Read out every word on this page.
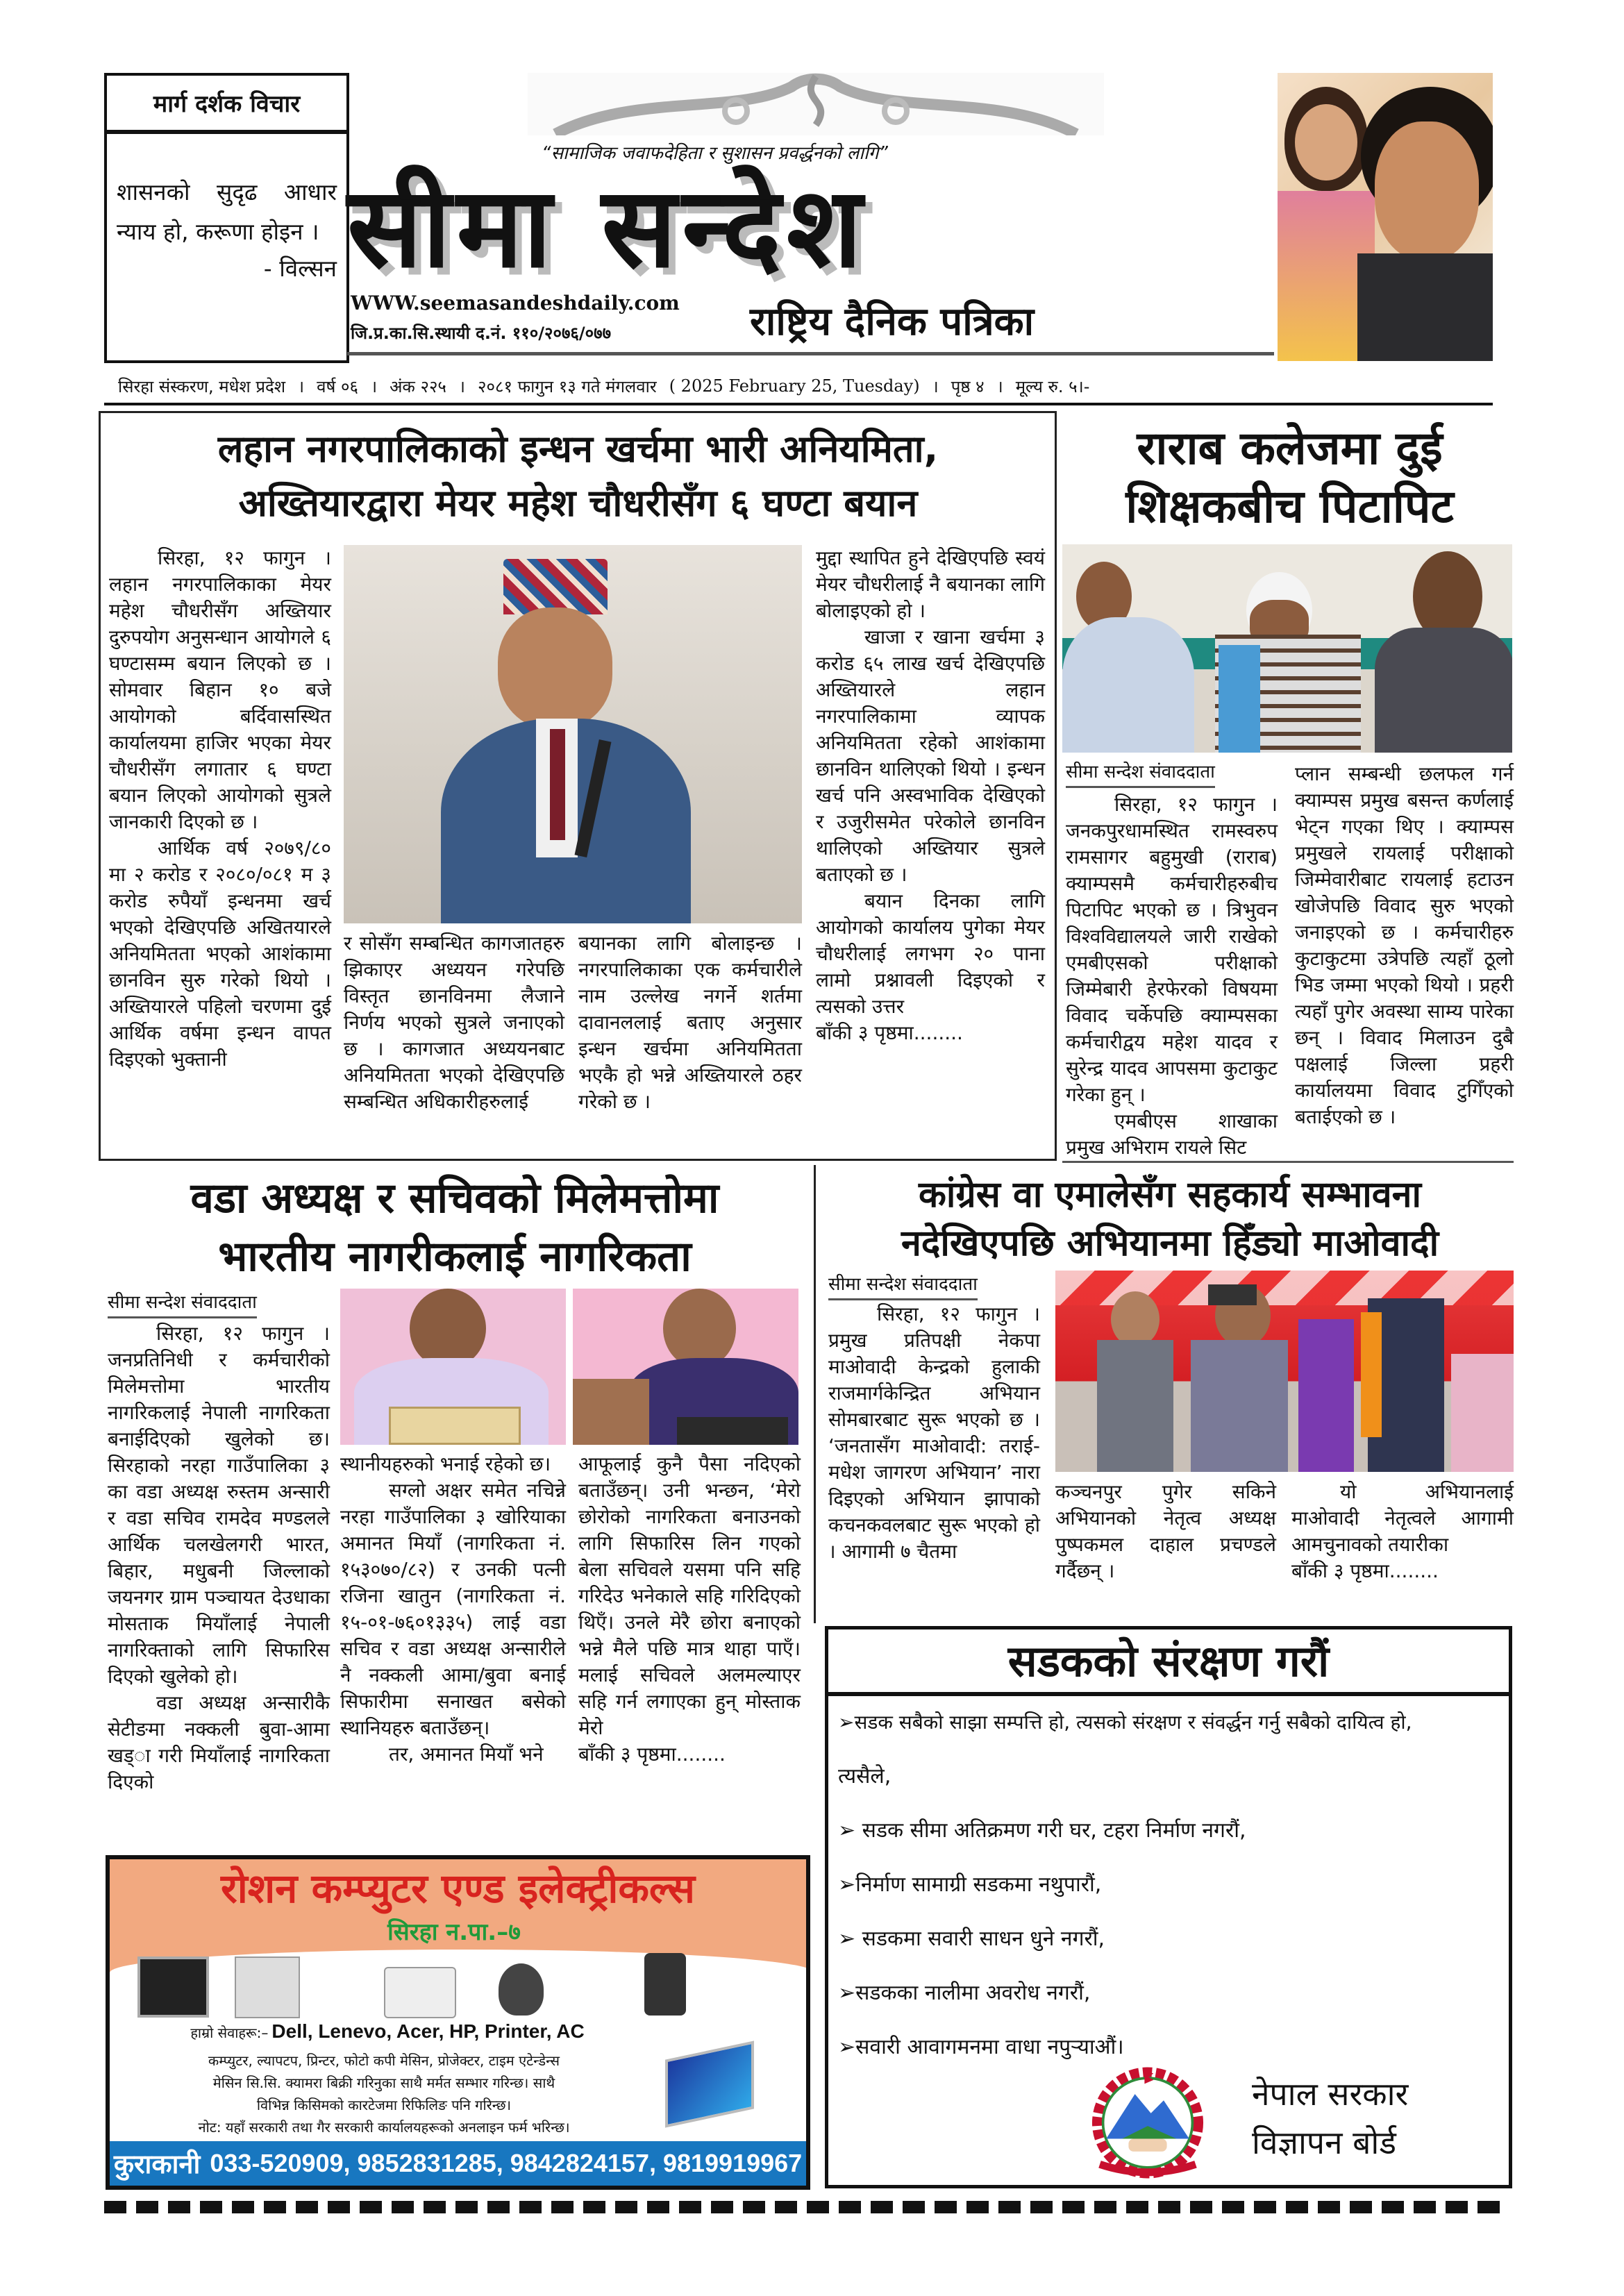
मार्ग दर्शक विचार
शासनको सुदृढ आधार न्याय हो, करूणा होइन ।
- विल्सन
“सामाजिक जवाफदेहिता र सुशासन प्रवर्द्धनको लागि”
सीमा सन्देश
WWW.seemasandeshdaily.com
जि.प्र.का.सि.स्थायी द.नं. ११०/२०७६/०७७	राष्ट्रिय दैनिक पत्रिका
सिरहा संस्करण, मधेश प्रदेश । वर्ष ०६ । अंक २२५ । २०८१ फागुन १३ गते मंगलवार ( 2025 February 25, Tuesday) । पृष्ठ ४ । मूल्य रु. ५।-
लहान नगरपालिकाको इन्धन खर्चमा भारी अनियमिता,
अख्तियारद्वारा मेयर महेश चौधरीसँग ६ घण्टा बयान

सिरहा, १२ फागुन । लहान नगरपालिकाका मेयर महेश चौधरीसँग अख्तियार दुरुपयोग अनुसन्धान आयोगले ६ घण्टासम्म बयान लिएको छ । सोमवार बिहान १० बजे आयोगको बर्दिवासस्थित कार्यालयमा हाजिर भएका मेयर चौधरीसँग लगातार ६ घण्टा बयान लिएको आयोगको सुत्रले जानकारी दिएको छ ।

आर्थिक वर्ष २०७९/८० मा २ करोड र २०८०/०८१ म ३ करोड रुपैयाँ इन्धनमा खर्च भएको देखिएपछि अखितयारले अनियमितता भएको आशंकामा छानविन सुरु गरेको थियो । अख्तियारले पहिलो चरणमा दुई आर्थिक वर्षमा इन्धन वापत दिइएको भुक्तानी

र सोसँग सम्बन्धित कागजातहरु झिकाएर अध्ययन गरेपछि विस्तृत छानविनमा लैजाने निर्णय भएको सुत्रले जनाएको छ । कागजात अध्ययनबाट अनियमितता भएको देखिएपछि सम्बन्धित अधिकारीहरुलाई

बयानका लागि बोलाइन्छ । नगरपालिकाका एक कर्मचारीले नाम उल्लेख नगर्ने शर्तमा दावानललाई बताए अनुसार इन्धन खर्चमा अनियमितता भएकै हो भन्ने अख्तियारले ठहर गरेको छ ।

मुद्दा स्थापित हुने देखिएपछि स्वयं मेयर चौधरीलाई नै बयानका लागि बोलाइएको हो ।

खाजा र खाना खर्चमा ३ करोड ६५ लाख खर्च देखिएपछि अख्तियारले लहान नगरपालिकामा व्यापक अनियमितता रहेको आशंकामा छानविन थालिएको थियो । इन्धन खर्च पनि अस्वभाविक देखिएको र उजुरीसमेत परेकोले छानविन थालिएको अख्तियार सुत्रले बताएको छ ।

बयान दिनका लागि आयोगको कार्यालय पुगेका मेयर चौधरीलाई लगभग २० पाना लामो प्रश्नावली दिइएको र त्यसको उत्तर

बाँकी ३ पृष्ठमा........

राराब कलेजमा दुई
शिक्षकबीच पिटापिट
सीमा सन्देश संवाददाता

सिरहा, १२ फागुन । जनकपुरधामस्थित रामस्वरुप रामसागर बहुमुखी (राराब) क्याम्पसमै कर्मचारीहरुबीच पिटापिट भएको छ । त्रिभुवन विश्वविद्यालयले जारी राखेको एमबीएसको परीक्षाको जिम्मेबारी हेरफेरको विषयमा विवाद चर्केपछि क्याम्पसका कर्मचारीद्वय महेश यादव र सुरेन्द्र यादव आपसमा कुटाकुट गरेका हुन् ।

एमबीएस शाखाका प्रमुख अभिराम रायले सिट

प्लान सम्बन्धी छलफल गर्न क्याम्पस प्रमुख बसन्त कर्णलाई भेट्न गएका थिए । क्याम्पस प्रमुखले रायलाई परीक्षाको जिम्मेवारीबाट रायलाई हटाउन खोजेपछि विवाद सुरु भएको जनाइएको छ । कर्मचारीहरु कुटाकुटमा उत्रेपछि त्यहाँ ठूलो भिड जम्मा भएको थियो । प्रहरी त्यहाँ पुगेर अवस्था साम्य पारेका छन् । विवाद मिलाउन दुबै पक्षलाई जिल्ला प्रहरी कार्यालयमा विवाद टुगिँएको बताईएको छ ।

वडा अध्यक्ष र सचिवको मिलेमत्तोमा
भारतीय नागरीकलाई नागरिकता
सीमा सन्देश संवाददाता

सिरहा, १२ फागुन । जनप्रतिनिधी र कर्मचारीको मिलेमत्तोमा भारतीय नागरिकलाई नेपाली नागरिकता बनाईदिएको खुलेको छ। सिरहाको नरहा गाउँपालिका ३ का वडा अध्यक्ष रुस्तम अन्सारी र वडा सचिव रामदेव मण्डलले आर्थिक चलखेलगरी भारत, बिहार, मधुबनी जिल्लाको जयनगर ग्राम पञ्चायत देउधाका मोसताक मियाँलाई नेपाली नागरिक्ताको लागि सिफारिस दिएको खुलेको हो।

वडा अध्यक्ष अन्सारीकै सेटीङमा नक्कली बुवा-आमा खड्ा गरी मियाँलाई नागरिकता दिएको

स्थानीयहरुको भनाई रहेको छ।

सग्लो अक्षर समेत नचिन्ने नरहा गाउँपालिका ३ खोरियाका अमानत मियाँ (नागरिकता नं. १५३०७०/८२) र उनकी पत्नी रजिना खातुन (नागरिकता नं. १५-०१-७६०१३३५) लाई वडा सचिव र वडा अध्यक्ष अन्सारीले नै नक्कली आमा/बुवा बनाई सिफारीमा सनाखत बसेको स्थानियहरु बताउँछन्।

तर, अमानत मियाँ भने

आफूलाई कुनै पैसा नदिएको बताउँछन्। उनी भन्छन, ‘मेरो छोरोको नागरिकता बनाउनको लागि सिफारिस लिन गएको बेला सचिवले यसमा पनि सहि गरिदेउ भनेकाले सहि गरिदिएको थिएँ। उनले मेरै छोरा बनाएको भन्ने मैले पछि मात्र थाहा पाएँ। मलाई सचिवले अलमल्याएर सहि गर्न लगाएका हुन् मोस्ताक मेरो

बाँकी ३ पृष्ठमा........

कांग्रेस वा एमालेसँग सहकार्य सम्भावना
नदेखिएपछि अभियानमा हिँड्यो माओवादी
सीमा सन्देश संवाददाता

सिरहा, १२ फागुन । प्रमुख प्रतिपक्षी नेकपा माओवादी केन्द्रको हुलाकी राजमार्गकेन्द्रित अभियान सोमबारबाट सुरू भएको छ । ‘जनतासँग माओवादी: तराई-मधेश जागरण अभियान’ नारा दिइएको अभियान झापाको कचनकवलबाट सुरू भएको हो । आगामी ७ चैतमा

कञ्चनपुर पुगेर सकिने अभियानको नेतृत्व अध्यक्ष पुष्पकमल दाहाल प्रचण्डले गर्दैछन् ।

यो अभियानलाई माओवादी नेतृत्वले आगामी आमचुनावको तयारीका

बाँकी ३ पृष्ठमा........

सडकको संरक्षण गरौं
➢सडक सबैको साझा सम्पत्ति हो, त्यसको संरक्षण र संवर्द्धन गर्नु सबैको दायित्व हो,
त्यसैले,
➢ सडक सीमा अतिक्रमण गरी घर, टहरा निर्माण नगरौं,
➢निर्माण सामाग्री सडकमा नथुपारौं,
➢ सडकमा सवारी साधन धुने नगरौं,
➢सडकका नालीमा अवरोध नगरौं,
➢सवारी आवागमनमा वाधा नपुऱ्याऔं।
नेपाल सरकार
विज्ञापन बोर्ड
रोशन कम्प्युटर एण्ड इलेक्ट्रीकल्स
सिरहा न.पा.–७
हाम्रो सेवाहरू:– Dell, Lenevo, Acer, HP, Printer, AC
कम्प्युटर, ल्यापटप, प्रिन्टर, फोटो कपी मेसिन, प्रोजेक्टर, टाइम एटेन्डेन्स
मेसिन सि.सि. क्यामरा बिक्री गरिनुका साथै मर्मत सम्भार गरिन्छ। साथै
विभिन्न किसिमको कारटेजमा रिफिलिङ पनि गरिन्छ।
नोट: यहाँ सरकारी तथा गैर सरकारी कार्यालयहरूको अनलाइन फर्म भरिन्छ।
कुराकानी 033-520909, 9852831285, 9842824157, 9819919967
